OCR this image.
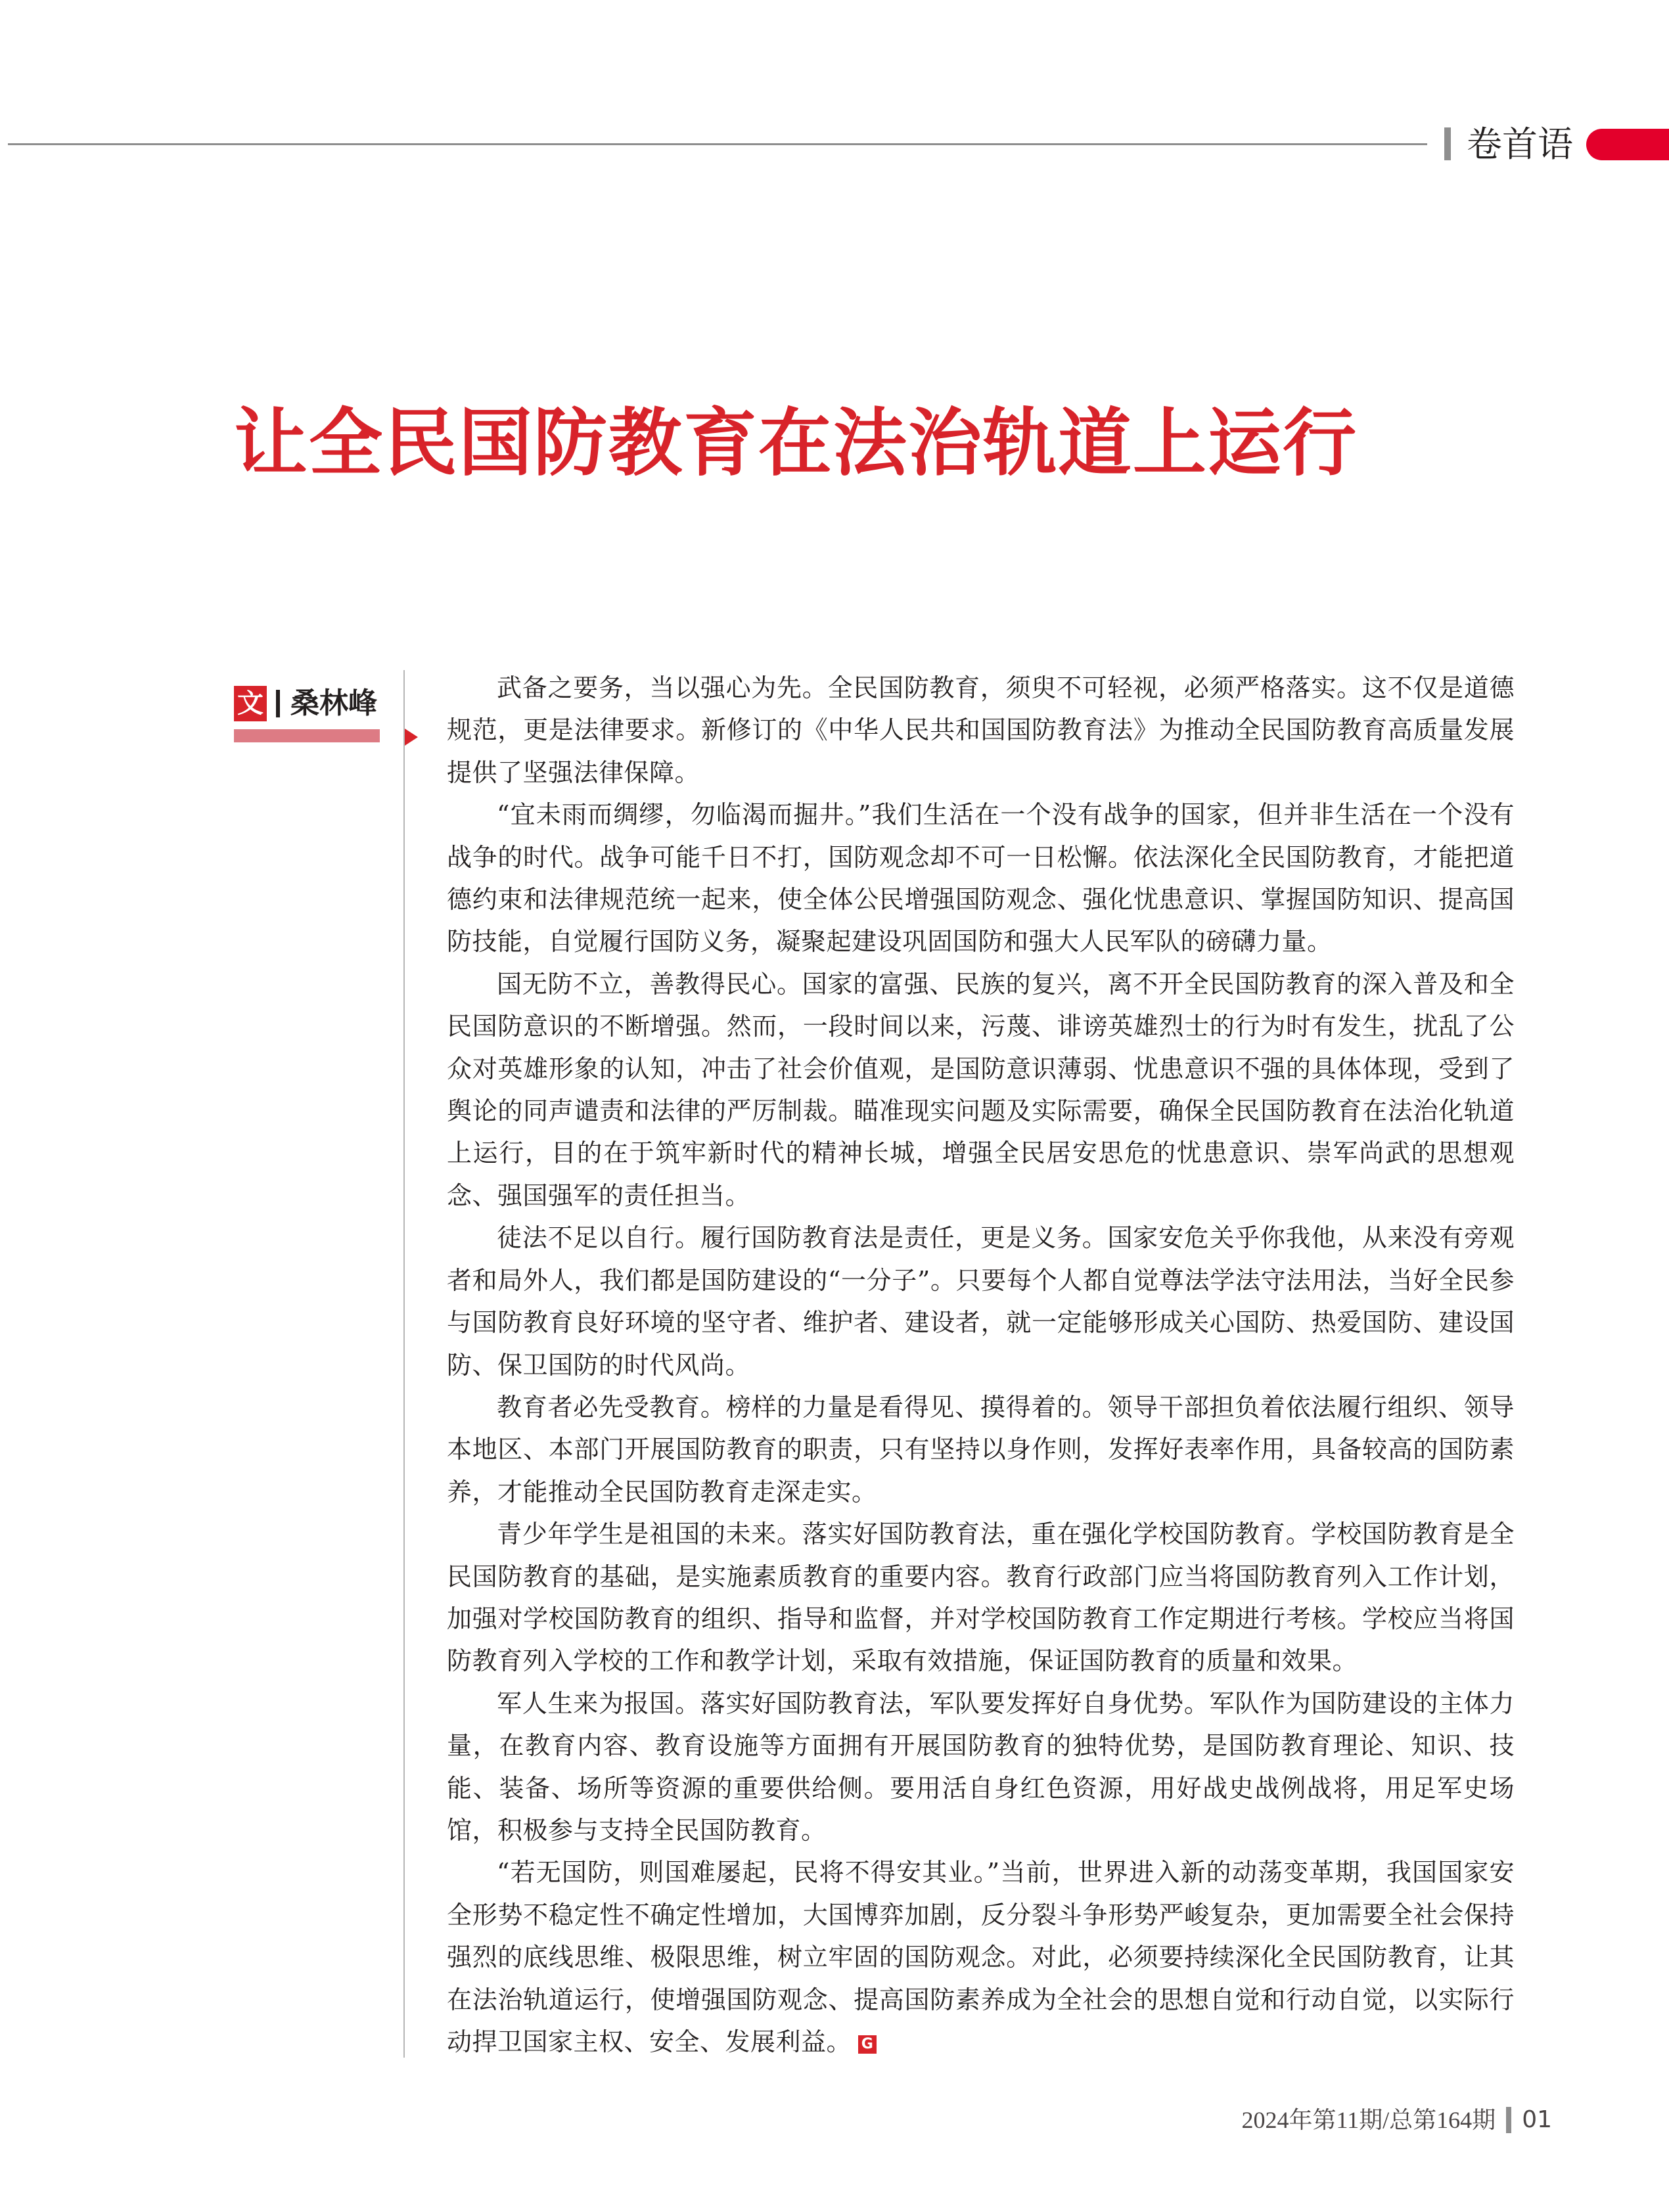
卷首语
让全民国防教育在法治轨道上运行
文 桑林峰	武备之要务，当以强心为先。全民国防教育，须臾不可轻视，必须严格落实。这不仅是道德规范，更是法律要求。新修订的《中华人民共和国国防教育法》为推动全民国防教育高质量发展提供了坚强法律保障。

“宜未雨而绸缪，勿临渴而掘井。”我们生活在一个没有战争的国家，但并非生活在一个没有战争的时代。战争可能千日不打，国防观念却不可一日松懈。依法深化全民国防教育，才能把道德约束和法律规范统一起来，使全体公民增强国防观念、强化忧患意识、掌握国防知识、提高国防技能，自觉履行国防义务，凝聚起建设巩固国防和强大人民军队的磅礴力量。

国无防不立，善教得民心。国家的富强、民族的复兴，离不开全民国防教育的深入普及和全民国防意识的不断增强。然而，一段时间以来，污蔑、诽谤英雄烈士的行为时有发生，扰乱了公众对英雄形象的认知，冲击了社会价值观，是国防意识薄弱、忧患意识不强的具体体现，受到了舆论的同声谴责和法律的严厉制裁。瞄准现实问题及实际需要，确保全民国防教育在法治化轨道上运行，目的在于筑牢新时代的精神长城，增强全民居安思危的忧患意识、崇军尚武的思想观念、强国强军的责任担当。

徒法不足以自行。履行国防教育法是责任，更是义务。国家安危关乎你我他，从来没有旁观者和局外人，我们都是国防建设的“一分子”。只要每个人都自觉尊法学法守法用法，当好全民参与国防教育良好环境的坚守者、维护者、建设者，就一定能够形成关心国防、热爱国防、建设国防、保卫国防的时代风尚。

教育者必先受教育。榜样的力量是看得见、摸得着的。领导干部担负着依法履行组织、领导本地区、本部门开展国防教育的职责，只有坚持以身作则，发挥好表率作用，具备较高的国防素养，才能推动全民国防教育走深走实。

青少年学生是祖国的未来。落实好国防教育法，重在强化学校国防教育。学校国防教育是全民国防教育的基础，是实施素质教育的重要内容。教育行政部门应当将国防教育列入工作计划，加强对学校国防教育的组织、指导和监督，并对学校国防教育工作定期进行考核。学校应当将国防教育列入学校的工作和教学计划，采取有效措施，保证国防教育的质量和效果。

军人生来为报国。落实好国防教育法，军队要发挥好自身优势。军队作为国防建设的主体力量，在教育内容、教育设施等方面拥有开展国防教育的独特优势，是国防教育理论、知识、技能、装备、场所等资源的重要供给侧。要用活自身红色资源，用好战史战例战将，用足军史场馆，积极参与支持全民国防教育。

“若无国防，则国难屡起，民将不得安其业。”当前，世界进入新的动荡变革期，我国国家安全形势不稳定性不确定性增加，大国博弈加剧，反分裂斗争形势严峻复杂，更加需要全社会保持强烈的底线思维、极限思维，树立牢固的国防观念。对此，必须要持续深化全民国防教育，让其在法治轨道运行，使增强国防观念、提高国防素养成为全社会的思想自觉和行动自觉，以实际行动捍卫国家主权、安全、发展利益。 G

2024年第11期/总第164期 01
